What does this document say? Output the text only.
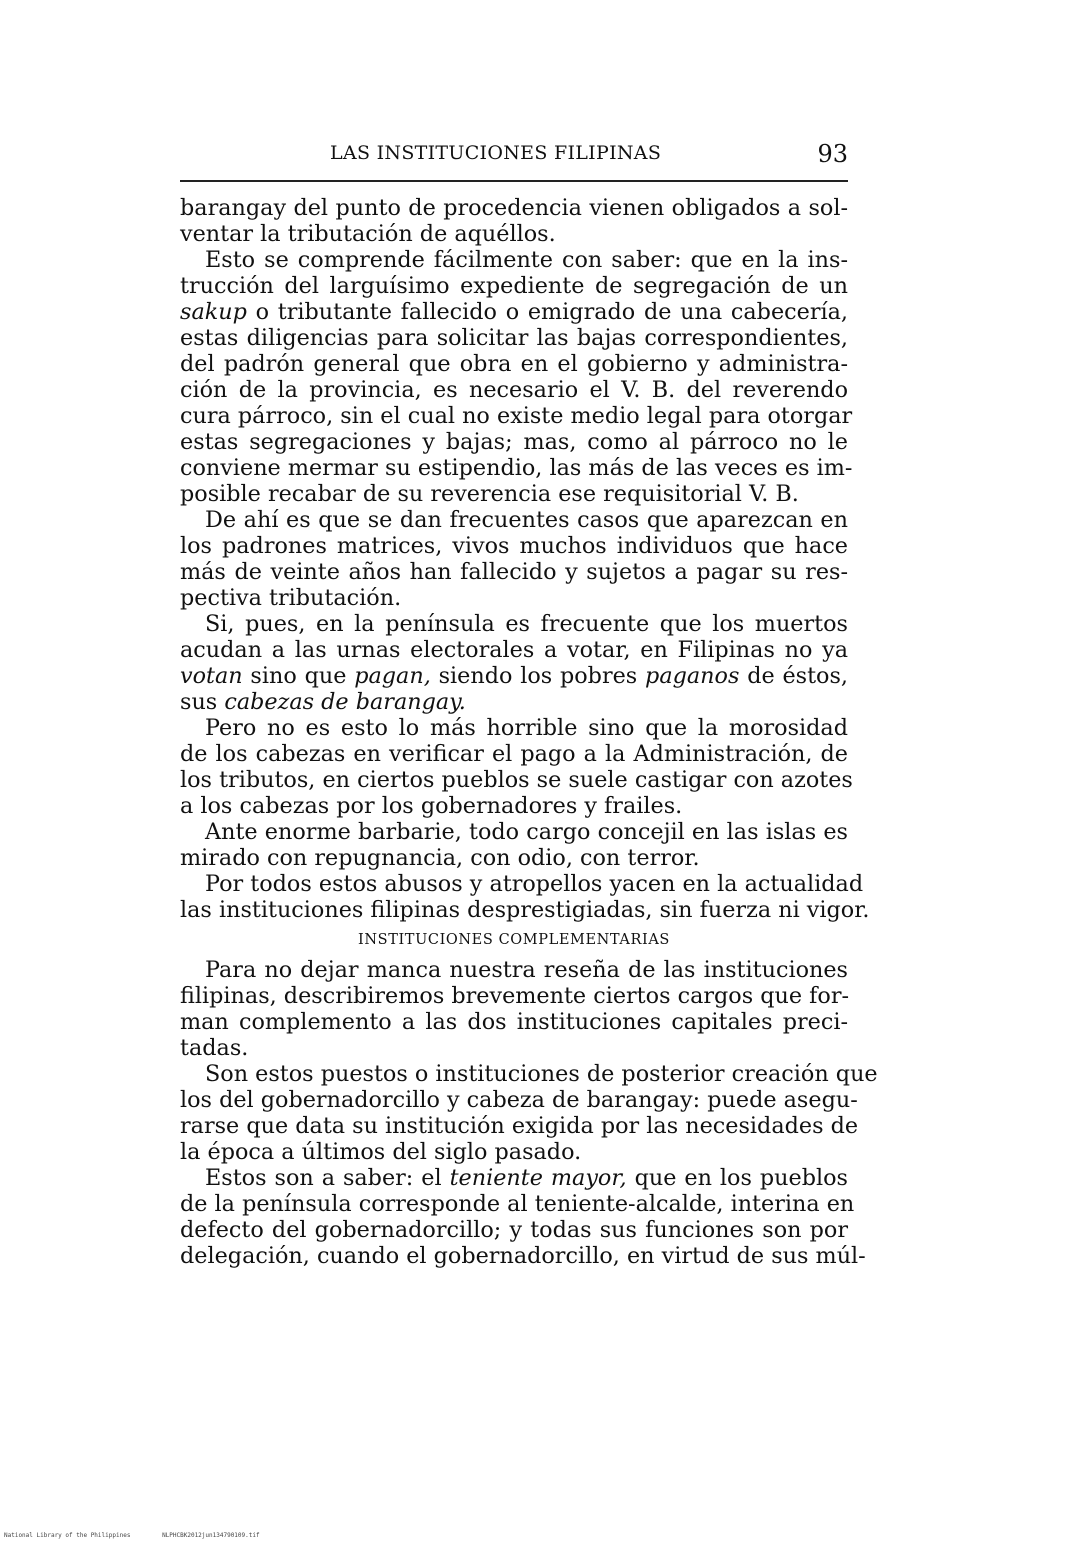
LAS INSTITUCIONES FILIPINAS	93
barangay del punto de procedencia vienen obligados a sol-
ventar la tributación de aquéllos.
Esto se comprende fácilmente con saber: que en la ins-
trucción del larguísimo expediente de segregación de un
sakup o tributante fallecido o emigrado de una cabecería,
estas diligencias para solicitar las bajas correspondientes,
del padrón general que obra en el gobierno y administra-
ción de la provincia, es necesario el V. B. del reverendo
cura párroco, sin el cual no existe medio legal para otorgar
estas segregaciones y bajas; mas, como al párroco no le
conviene mermar su estipendio, las más de las veces es im-
posible recabar de su reverencia ese requisitorial V. B.
De ahí es que se dan frecuentes casos que aparezcan en
los padrones matrices, vivos muchos individuos que hace
más de veinte años han fallecido y sujetos a pagar su res-
pectiva tributación.
Si, pues, en la península es frecuente que los muertos
acudan a las urnas electorales a votar, en Filipinas no ya
votan sino que pagan, siendo los pobres paganos de éstos,
sus cabezas de barangay.
Pero no es esto lo más horrible sino que la morosidad
de los cabezas en verificar el pago a la Administración, de
los tributos, en ciertos pueblos se suele castigar con azotes
a los cabezas por los gobernadores y frailes.
Ante enorme barbarie, todo cargo concejil en las islas es
mirado con repugnancia, con odio, con terror.
Por todos estos abusos y atropellos yacen en la actualidad
las instituciones filipinas desprestigiadas, sin fuerza ni vigor.
INSTITUCIONES COMPLEMENTARIAS
Para no dejar manca nuestra reseña de las instituciones
filipinas, describiremos brevemente ciertos cargos que for-
man complemento a las dos instituciones capitales preci-
tadas.
Son estos puestos o instituciones de posterior creación que
los del gobernadorcillo y cabeza de barangay: puede asegu-
rarse que data su institución exigida por las necesidades de
la época a últimos del siglo pasado.
Estos son a saber: el teniente mayor, que en los pueblos
de la península corresponde al teniente-alcalde, interina en
defecto del gobernadorcillo; y todas sus funciones son por
delegación, cuando el gobernadorcillo, en virtud de sus múl-
National Library of the Philippines	NLPHCBK2012jun134790109.tif
